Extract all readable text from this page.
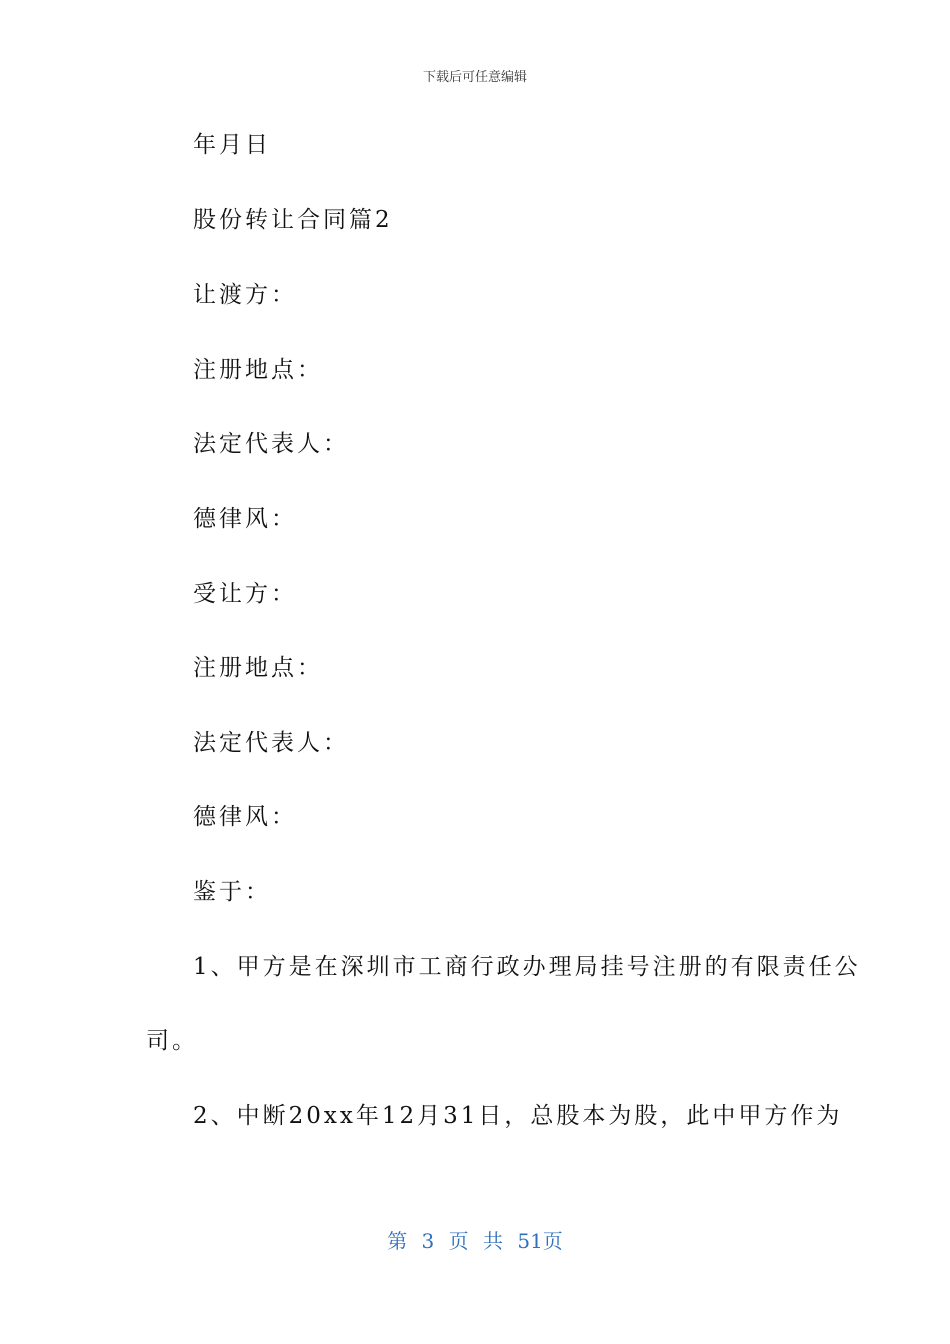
下载后可任意编辑
年月日
股份转让合同篇2
让渡方：
注册地点：
法定代表人：
德律风：
受让方：
注册地点：
法定代表人：
德律风：
鉴于：
1、甲方是在深圳市工商行政办理局挂号注册的有限责任公
司。
2、中断20xx年12月31日，总股本为股，此中甲方作为
第 3 页 共 51页
